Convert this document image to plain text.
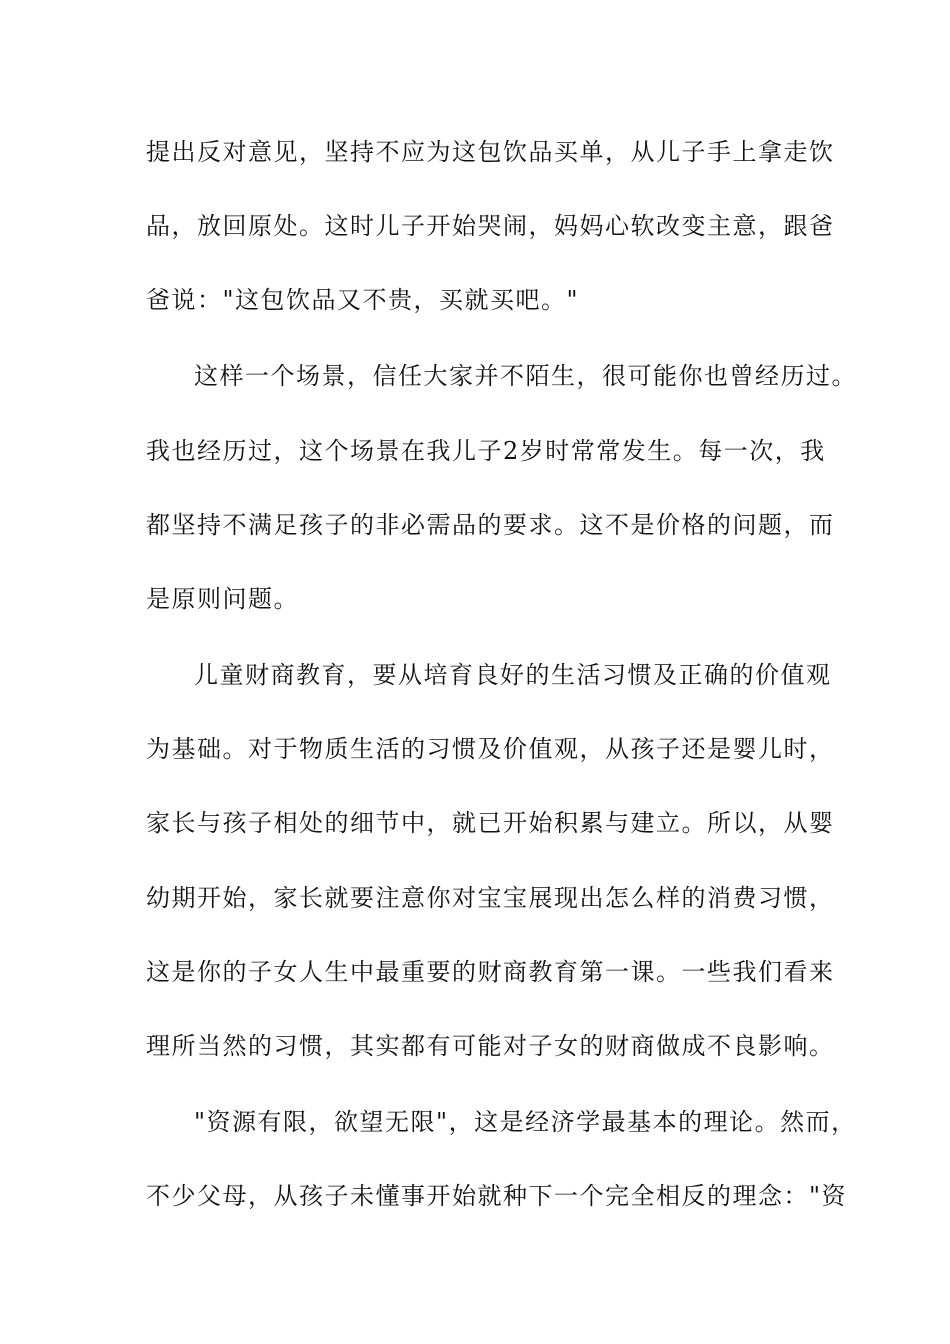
提出反对意见，坚持不应为这包饮品买单，从儿子手上拿走饮
品，放回原处。这时儿子开始哭闹，妈妈心软改变主意，跟爸
爸说："这包饮品又不贵，买就买吧。"
这样一个场景，信任大家并不陌生，很可能你也曾经历过。
我也经历过，这个场景在我儿子2岁时常常发生。每一次，我
都坚持不满足孩子的非必需品的要求。这不是价格的问题，而
是原则问题。
儿童财商教育，要从培育良好的生活习惯及正确的价值观
为基础。对于物质生活的习惯及价值观，从孩子还是婴儿时，
家长与孩子相处的细节中，就已开始积累与建立。所以，从婴
幼期开始，家长就要注意你对宝宝展现出怎么样的消费习惯，
这是你的子女人生中最重要的财商教育第一课。一些我们看来
理所当然的习惯，其实都有可能对子女的财商做成不良影响。
"资源有限，欲望无限"，这是经济学最基本的理论。然而，
不少父母，从孩子未懂事开始就种下一个完全相反的理念："资
